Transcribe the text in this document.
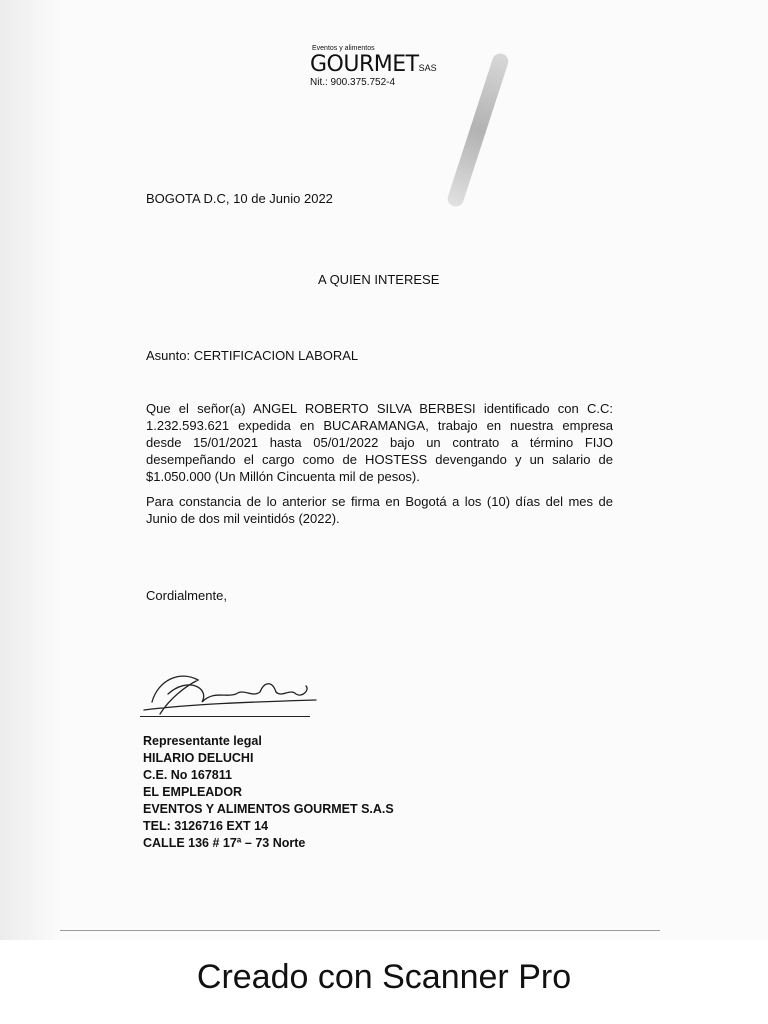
Eventos y alimentos
GOURMETSAS
Nit.: 900.375.752-4
BOGOTA D.C, 10 de Junio 2022
A QUIEN INTERESE
Asunto: CERTIFICACION LABORAL
Que el señor(a) ANGEL ROBERTO SILVA BERBESI identificado con C.C: 1.232.593.621 expedida en BUCARAMANGA, trabajo en nuestra empresa desde 15/01/2021 hasta 05/01/2022 bajo un contrato a término FIJO desempeñando el cargo como de HOSTESS devengando y un salario de $1.050.000 (Un Millón Cincuenta mil de pesos).
Para constancia de lo anterior se firma en Bogotá a los (10) días del mes de Junio de dos mil veintidós (2022).
Cordialmente,
Representante legal
HILARIO DELUCHI
C.E. No 167811
EL EMPLEADOR
EVENTOS Y ALIMENTOS GOURMET S.A.S
TEL: 3126716 EXT 14
CALLE 136 # 17ª – 73 Norte
Creado con Scanner Pro
